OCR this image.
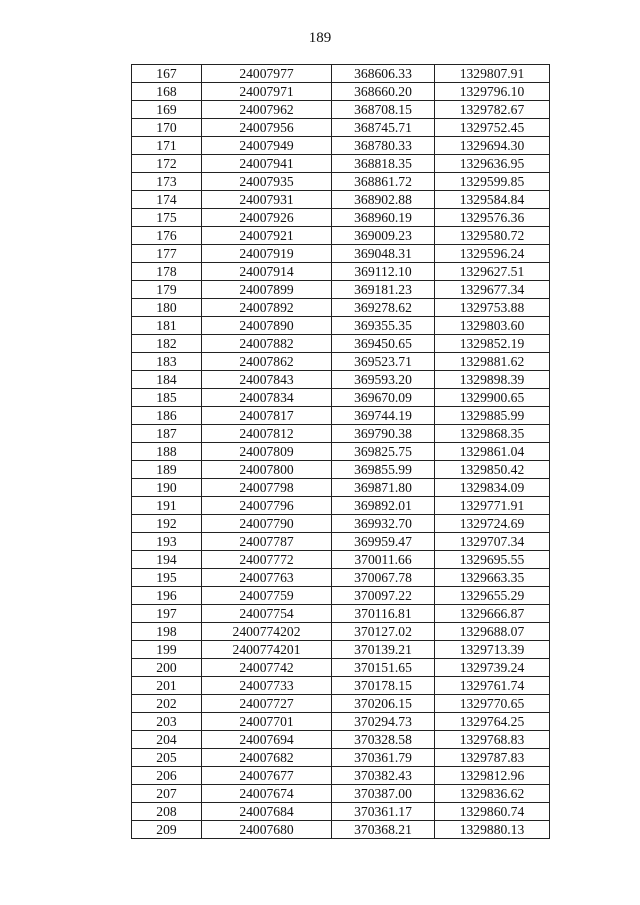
189
167	24007977	368606.33	1329807.91
168	24007971	368660.20	1329796.10
169	24007962	368708.15	1329782.67
170	24007956	368745.71	1329752.45
171	24007949	368780.33	1329694.30
172	24007941	368818.35	1329636.95
173	24007935	368861.72	1329599.85
174	24007931	368902.88	1329584.84
175	24007926	368960.19	1329576.36
176	24007921	369009.23	1329580.72
177	24007919	369048.31	1329596.24
178	24007914	369112.10	1329627.51
179	24007899	369181.23	1329677.34
180	24007892	369278.62	1329753.88
181	24007890	369355.35	1329803.60
182	24007882	369450.65	1329852.19
183	24007862	369523.71	1329881.62
184	24007843	369593.20	1329898.39
185	24007834	369670.09	1329900.65
186	24007817	369744.19	1329885.99
187	24007812	369790.38	1329868.35
188	24007809	369825.75	1329861.04
189	24007800	369855.99	1329850.42
190	24007798	369871.80	1329834.09
191	24007796	369892.01	1329771.91
192	24007790	369932.70	1329724.69
193	24007787	369959.47	1329707.34
194	24007772	370011.66	1329695.55
195	24007763	370067.78	1329663.35
196	24007759	370097.22	1329655.29
197	24007754	370116.81	1329666.87
198	2400774202	370127.02	1329688.07
199	2400774201	370139.21	1329713.39
200	24007742	370151.65	1329739.24
201	24007733	370178.15	1329761.74
202	24007727	370206.15	1329770.65
203	24007701	370294.73	1329764.25
204	24007694	370328.58	1329768.83
205	24007682	370361.79	1329787.83
206	24007677	370382.43	1329812.96
207	24007674	370387.00	1329836.62
208	24007684	370361.17	1329860.74
209	24007680	370368.21	1329880.13
